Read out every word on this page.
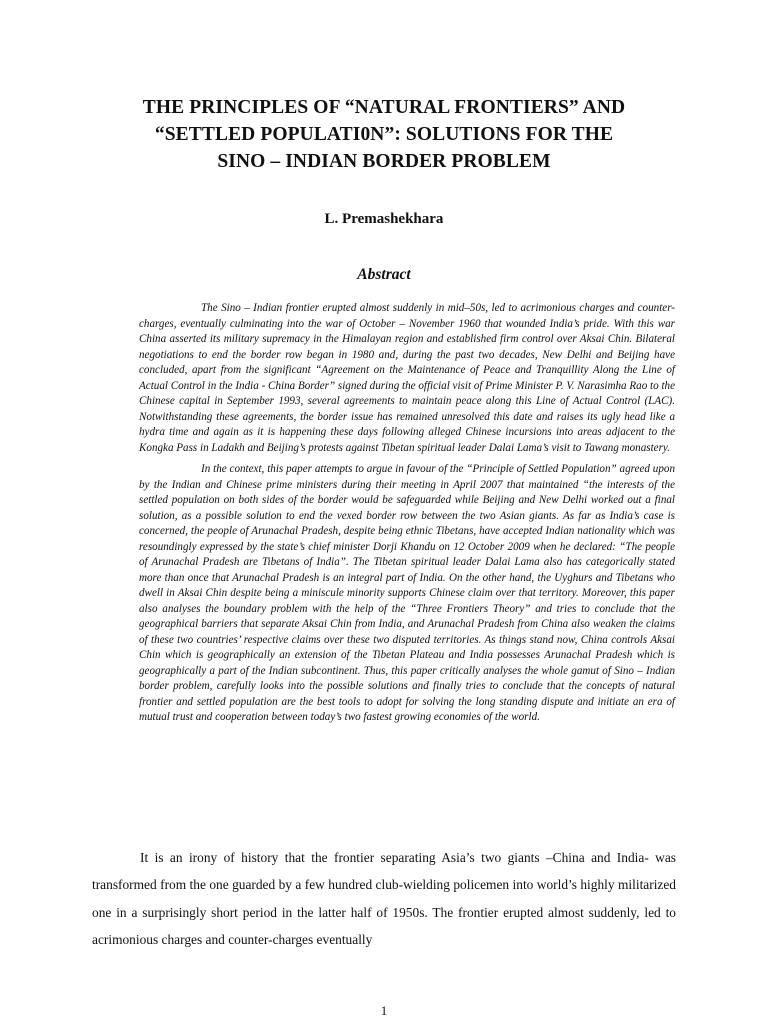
THE PRINCIPLES OF “NATURAL FRONTIERS” AND
“SETTLED POPULATI0N”: SOLUTIONS FOR THE
SINO – INDIAN BORDER PROBLEM
L. Premashekhara
Abstract

The Sino – Indian frontier erupted almost suddenly in mid–50s, led to acrimonious charges and counter-charges, eventually culminating into the war of October – November 1960 that wounded India’s pride. With this war China asserted its military supremacy in the Himalayan region and established firm control over Aksai Chin. Bilateral negotiations to end the border row began in 1980 and, during the past two decades, New Delhi and Beijing have concluded, apart from the significant “Agreement on the Maintenance of Peace and Tranquillity Along the Line of Actual Control in the India - China Border” signed during the official visit of Prime Minister P. V. Narasimha Rao to the Chinese capital in September 1993, several agreements to maintain peace along this Line of Actual Control (LAC). Notwithstanding these agreements, the border issue has remained unresolved this date and raises its ugly head like a hydra time and again as it is happening these days following alleged Chinese incursions into areas adjacent to the Kongka Pass in Ladakh and Beijing’s protests against Tibetan spiritual leader Dalai Lama’s visit to Tawang monastery.

In the context, this paper attempts to argue in favour of the “Principle of Settled Population” agreed upon by the Indian and Chinese prime ministers during their meeting in April 2007 that maintained “the interests of the settled population on both sides of the border would be safeguarded while Beijing and New Delhi worked out a final solution, as a possible solution to end the vexed border row between the two Asian giants. As far as India’s case is concerned, the people of Arunachal Pradesh, despite being ethnic Tibetans, have accepted Indian nationality which was resoundingly expressed by the state’s chief minister Dorji Khandu on 12 October 2009 when he declared: “The people of Arunachal Pradesh are Tibetans of India”. The Tibetan spiritual leader Dalai Lama also has categorically stated more than once that Arunachal Pradesh is an integral part of India. On the other hand, the Uyghurs and Tibetans who dwell in Aksai Chin despite being a miniscule minority supports Chinese claim over that territory. Moreover, this paper also analyses the boundary problem with the help of the “Three Frontiers Theory” and tries to conclude that the geographical barriers that separate Aksai Chin from India, and Arunachal Pradesh from China also weaken the claims of these two countries’ respective claims over these two disputed territories. As things stand now, China controls Aksai Chin which is geographically an extension of the Tibetan Plateau and India possesses Arunachal Pradesh which is geographically a part of the Indian subcontinent. Thus, this paper critically analyses the whole gamut of Sino – Indian border problem, carefully looks into the possible solutions and finally tries to conclude that the concepts of natural frontier and settled population are the best tools to adopt for solving the long standing dispute and initiate an era of mutual trust and cooperation between today’s two fastest growing economies of the world.

It is an irony of history that the frontier separating Asia’s two giants –China and India- was transformed from the one guarded by a few hundred club-wielding policemen into world’s highly militarized one in a surprisingly short period in the latter half of 1950s. The frontier erupted almost suddenly, led to acrimonious charges and counter-charges eventually

1
